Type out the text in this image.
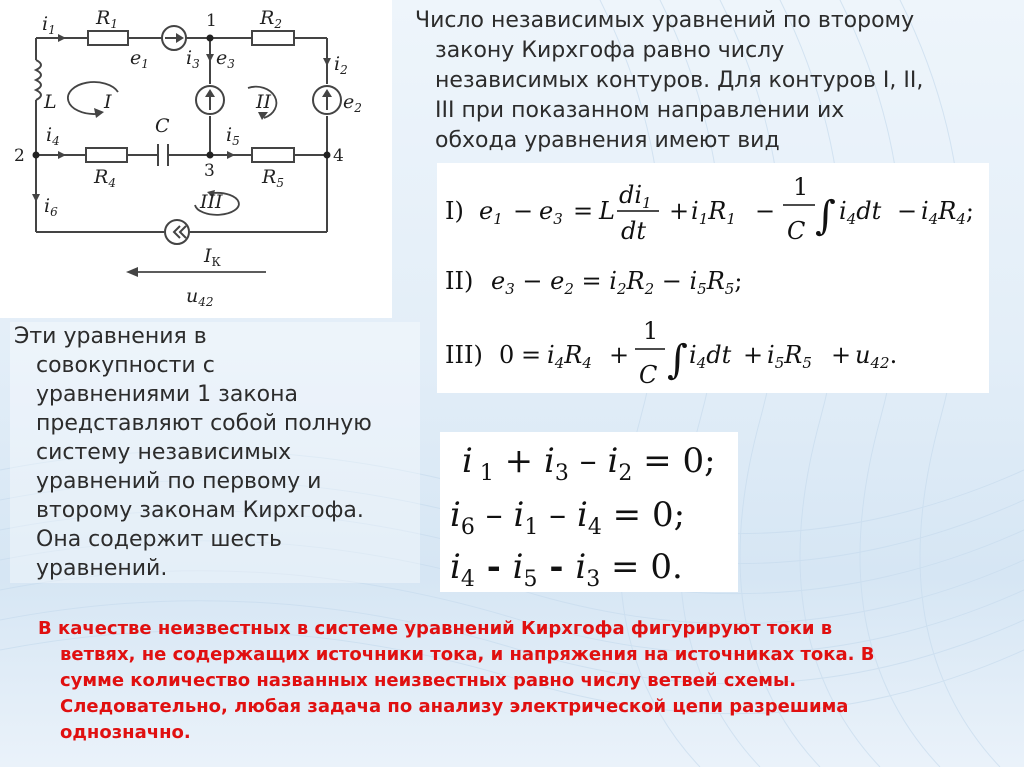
$i_1$
$R_1$	1 $R_2$
$e_1$ $i_3$ $e_3$	$i_2$
L I	II	$e_2$
C
$i_4$	$i_5$
2
3
4
$R_4$	$R_5$
$i_6$	III
$I_К$
$u_{42}$

Число независимых уравнений по второму
закону Кирхгофа равно числу
независимых контуров. Для контуров I, II,
III при показанном направлении их
обхода уравнения имеют вид

I) $e_1 - e_3 = L$
$di_1$
dt
+ $i_1R_1$ −
1
C ∫ $i_4dt - i_4R_4$;
II) $e_3 - e_2 = i_2R_2 - i_5R_5$;
III) $0 = i_4R_4$ +
1
C ∫ $i_4dt + i_5R_5 + u_{42}$.

Эти уравнения в
совокупности с
уравнениями 1 закона
представляют собой полную
систему независимых
уравнений по первому и
второму законам Кирхгофа.
Она содержит шесть
уравнений.

i $_1 + i_3 - i_2 = 0$;
$i_6 - i_1 - i_4 = 0$;
$i_4 - i_5 - i_3 = 0$.

В качестве неизвестных в системе уравнений Кирхгофа фигурируют токи в
ветвях, не содержащих источники тока, и напряжения на источниках тока. В
сумме количество названных неизвестных равно числу ветвей схемы.
Следовательно, любая задача по анализу электрической цепи разрешима
однозначно.
